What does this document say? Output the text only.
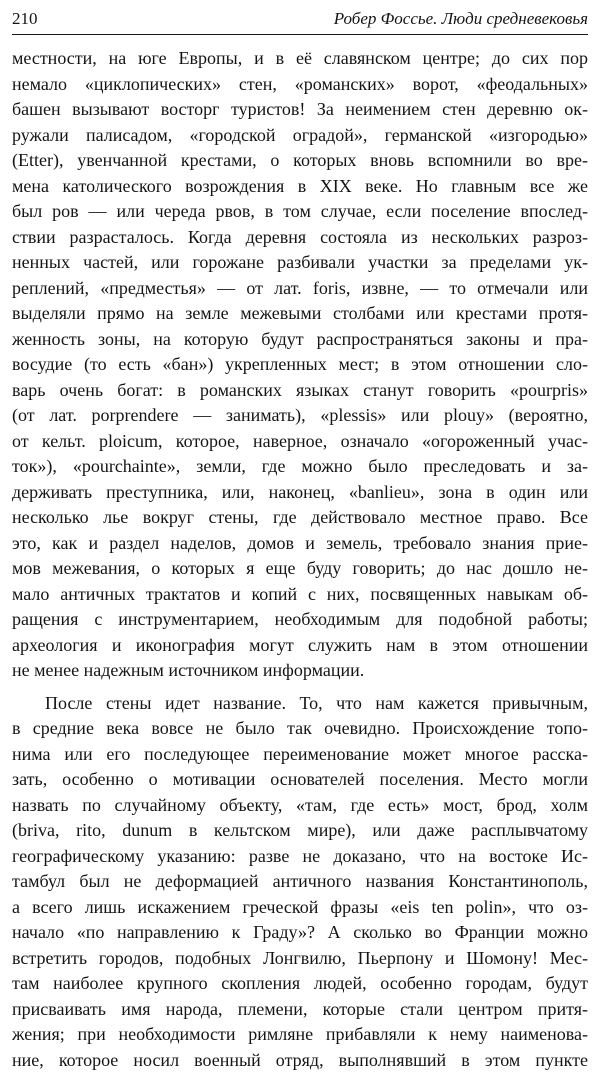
210	Робер Фоссье. Люди средневековья
местности, на юге Европы, и в её славянском центре; до сих пор
немало «циклопических» стен, «романских» ворот, «феодальных»
башен вызывают восторг туристов! За неимением стен деревню ок-
ружали палисадом, «городской оградой», германской «изгородью»
(Etter), увенчанной крестами, о которых вновь вспомнили во вре-
мена католического возрождения в XIX веке. Но главным все же
был ров — или череда рвов, в том случае, если поселение впослед-
ствии разрасталось. Когда деревня состояла из нескольких разроз-
ненных частей, или горожане разбивали участки за пределами ук-
реплений, «предместья» — от лат. foris, извне, — то отмечали или
выделяли прямо на земле межевыми столбами или крестами протя-
женность зоны, на которую будут распространяться законы и пра-
восудие (то есть «бан») укрепленных мест; в этом отношении сло-
варь очень богат: в романских языках станут говорить «pourpris»
(от лат. porprendere — занимать), «plessis» или plouy» (вероятно,
от кельт. ploicum, которое, наверное, означало «огороженный учас-
ток»), «pourchainte», земли, где можно было преследовать и за-
держивать преступника, или, наконец, «banlieu», зона в один или
несколько лье вокруг стены, где действовало местное право. Все
это, как и раздел наделов, домов и земель, требовало знания прие-
мов межевания, о которых я еще буду говорить; до нас дошло не-
мало античных трактатов и копий с них, посвященных навыкам об-
ращения с инструментарием, необходимым для подобной работы;
археология и иконография могут служить нам в этом отношении
не менее надежным источником информации.
После стены идет название. То, что нам кажется привычным,
в средние века вовсе не было так очевидно. Происхождение топо-
нима или его последующее переименование может многое расска-
зать, особенно о мотивации основателей поселения. Место могли
назвать по случайному объекту, «там, где есть» мост, брод, холм
(briva, rito, dunum в кельтском мире), или даже расплывчатому
географическому указанию: разве не доказано, что на востоке Ис-
тамбул был не деформацией античного названия Константинополь,
а всего лишь искажением греческой фразы «eis ten polin», что оз-
начало «по направлению к Граду»? А сколько во Франции можно
встретить городов, подобных Лонгвилю, Пьерпону и Шомону! Мес-
там наиболее крупного скопления людей, особенно городам, будут
присваивать имя народа, племени, которые стали центром притя-
жения; при необходимости римляне прибавляли к нему наименова-
ние, которое носил военный отряд, выполнявший в этом пункте
